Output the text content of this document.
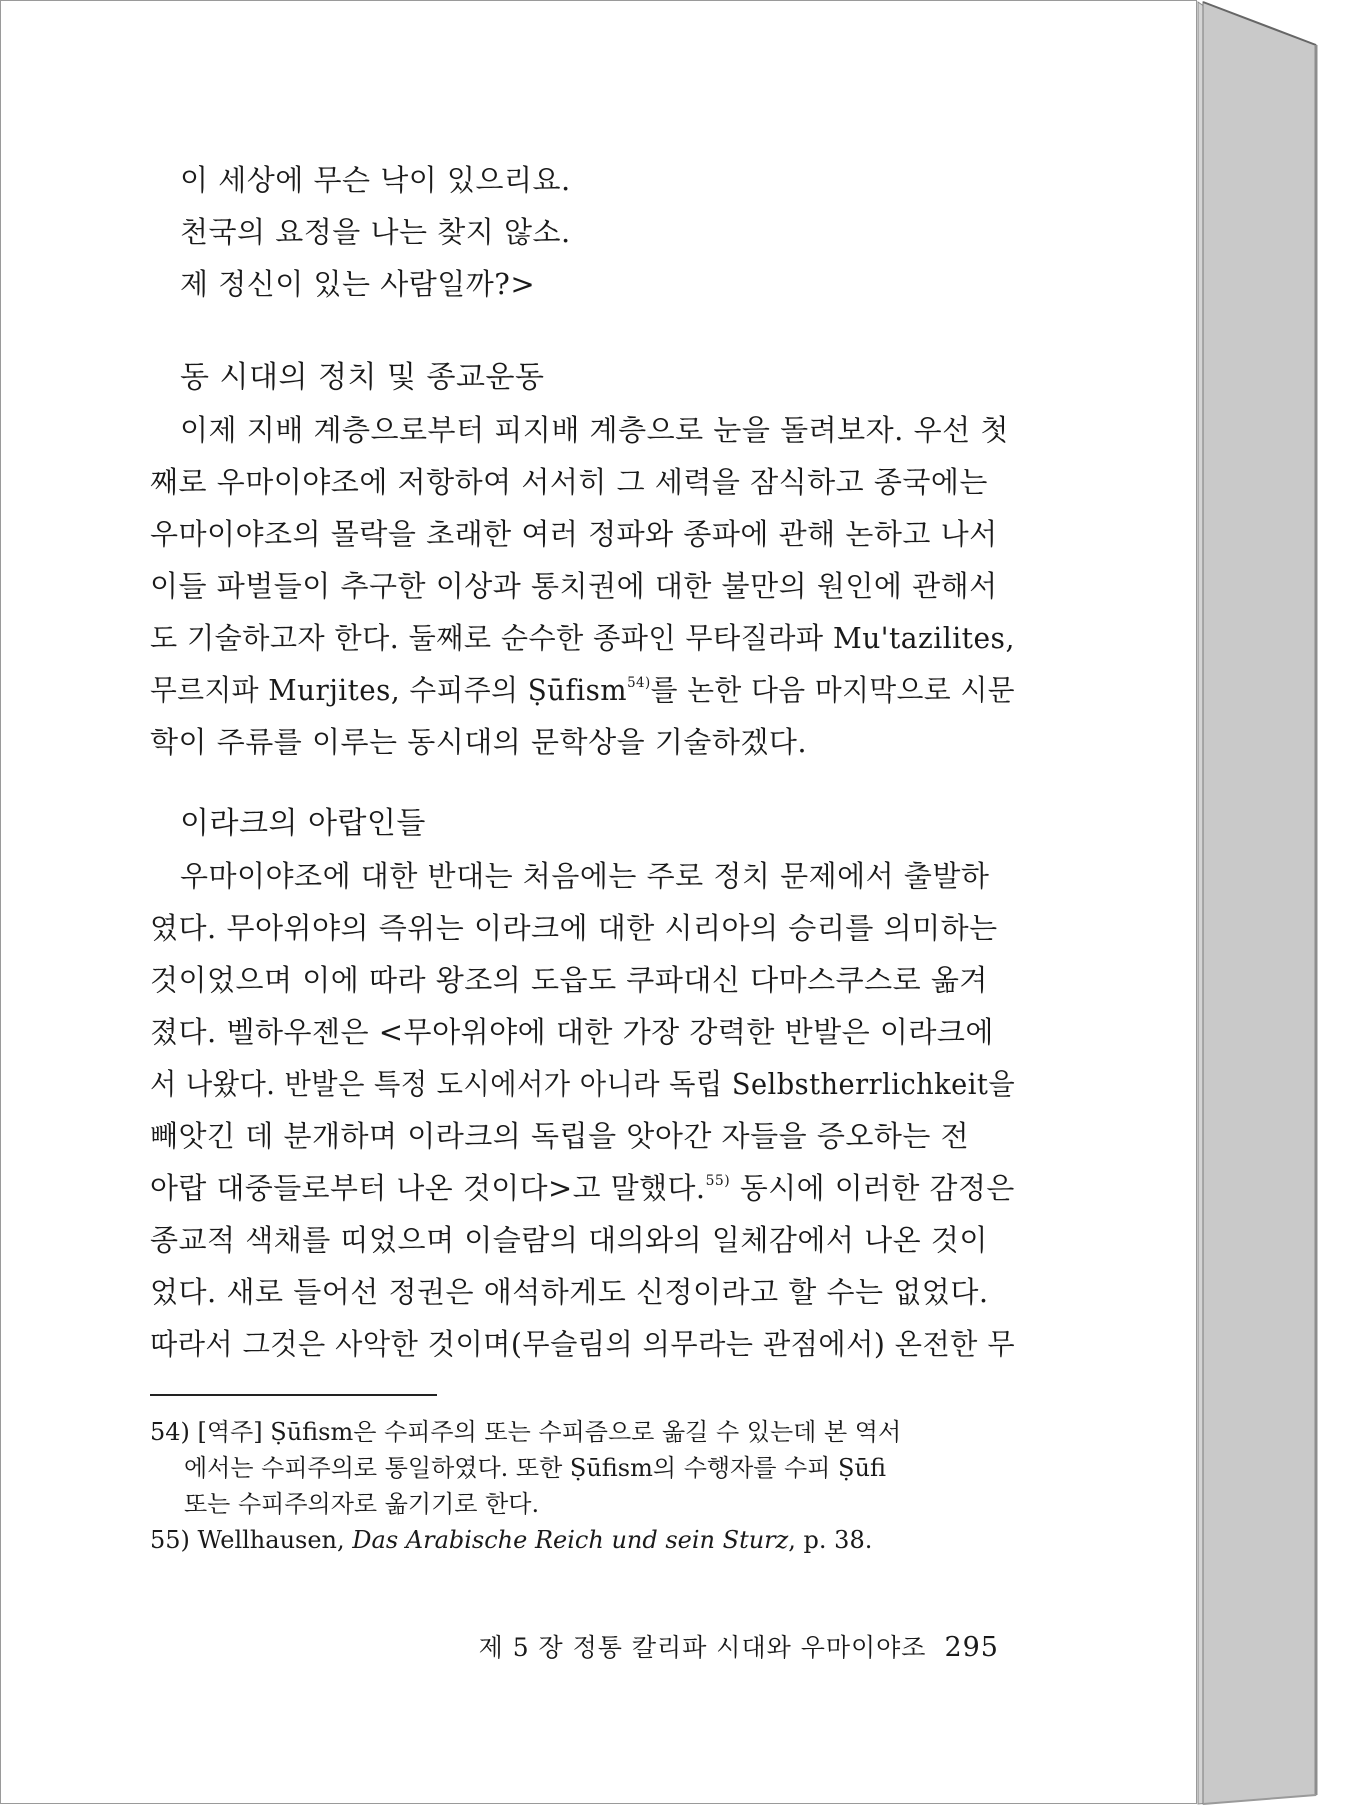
이 세상에 무슨 낙이 있으리요.
천국의 요정을 나는 찾지 않소.
제 정신이 있는 사람일까?>
동 시대의 정치 및 종교운동
이제 지배 계층으로부터 피지배 계층으로 눈을 돌려보자. 우선 첫
째로 우마이야조에 저항하여 서서히 그 세력을 잠식하고 종국에는
우마이야조의 몰락을 초래한 여러 정파와 종파에 관해 논하고 나서
이들 파벌들이 추구한 이상과 통치권에 대한 불만의 원인에 관해서
도 기술하고자 한다. 둘째로 순수한 종파인 무타질라파 Mu'tazilites,
무르지파 Murjites, 수피주의 Ṣūfism$^{54)}$를 논한 다음 마지막으로 시문
학이 주류를 이루는 동시대의 문학상을 기술하겠다.
이라크의 아랍인들
우마이야조에 대한 반대는 처음에는 주로 정치 문제에서 출발하
였다. 무아위야의 즉위는 이라크에 대한 시리아의 승리를 의미하는
것이었으며 이에 따라 왕조의 도읍도 쿠파대신 다마스쿠스로 옮겨
졌다. 벨하우젠은 <무아위야에 대한 가장 강력한 반발은 이라크에
서 나왔다. 반발은 특정 도시에서가 아니라 독립 Selbstherrlichkeit을
빼앗긴 데 분개하며 이라크의 독립을 앗아간 자들을 증오하는 전
아랍 대중들로부터 나온 것이다>고 말했다.$^{55)}$ 동시에 이러한 감정은
종교적 색채를 띠었으며 이슬람의 대의와의 일체감에서 나온 것이
었다. 새로 들어선 정권은 애석하게도 신정이라고 할 수는 없었다.
따라서 그것은 사악한 것이며(무슬림의 의무라는 관점에서) 온전한 무
54) [역주] Ṣūfism은 수피주의 또는 수피즘으로 옮길 수 있는데 본 역서
에서는 수피주의로 통일하였다. 또한 Ṣūfism의 수행자를 수피 Ṣūfi
또는 수피주의자로 옮기기로 한다.
55) Wellhausen, Das Arabische Reich und sein Sturz, p. 38.
제 5 장 정통 칼리파 시대와 우마이야조 295
